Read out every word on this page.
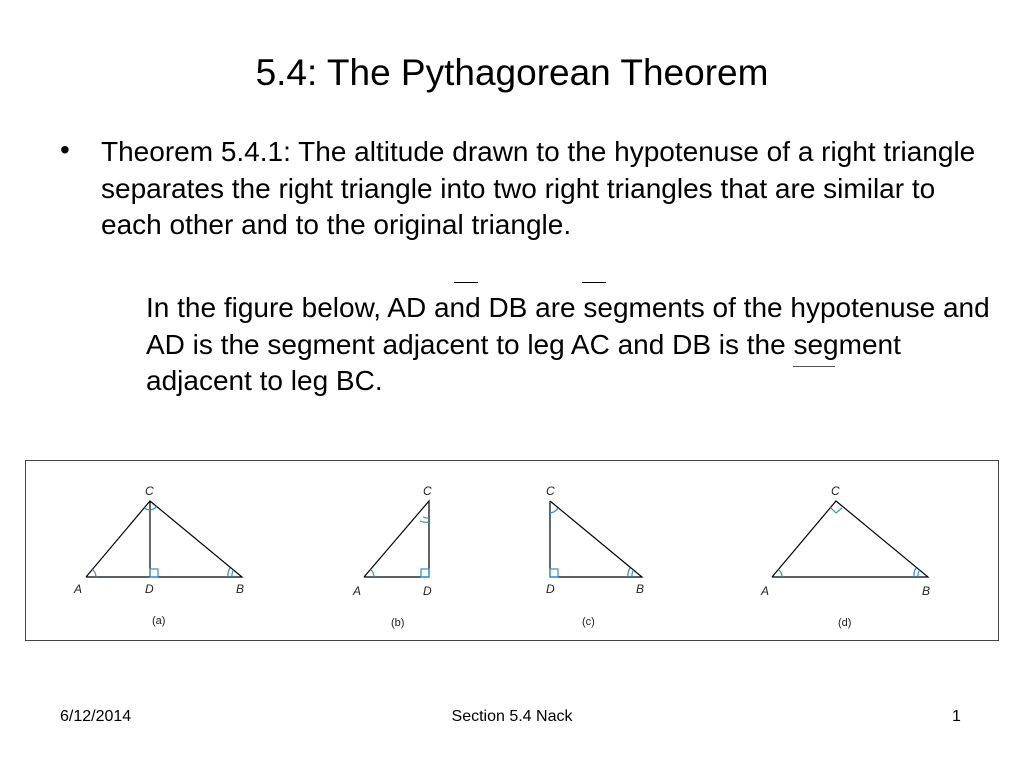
5.4: The Pythagorean Theorem
• Theorem 5.4.1: The altitude drawn to the hypotenuse of a right triangle separates the right triangle into two right triangles that are similar to each other and to the original triangle.
In the figure below, AD and DB are segments of the hypotenuse and AD is the segment adjacent to leg AC and DB is the segment adjacent to leg BC.
C
A	D	B
C
A	D
C
D	B
C
A	B
(a)	(b)	(c)	(d)
6/12/2014	Section 5.4 Nack	1
